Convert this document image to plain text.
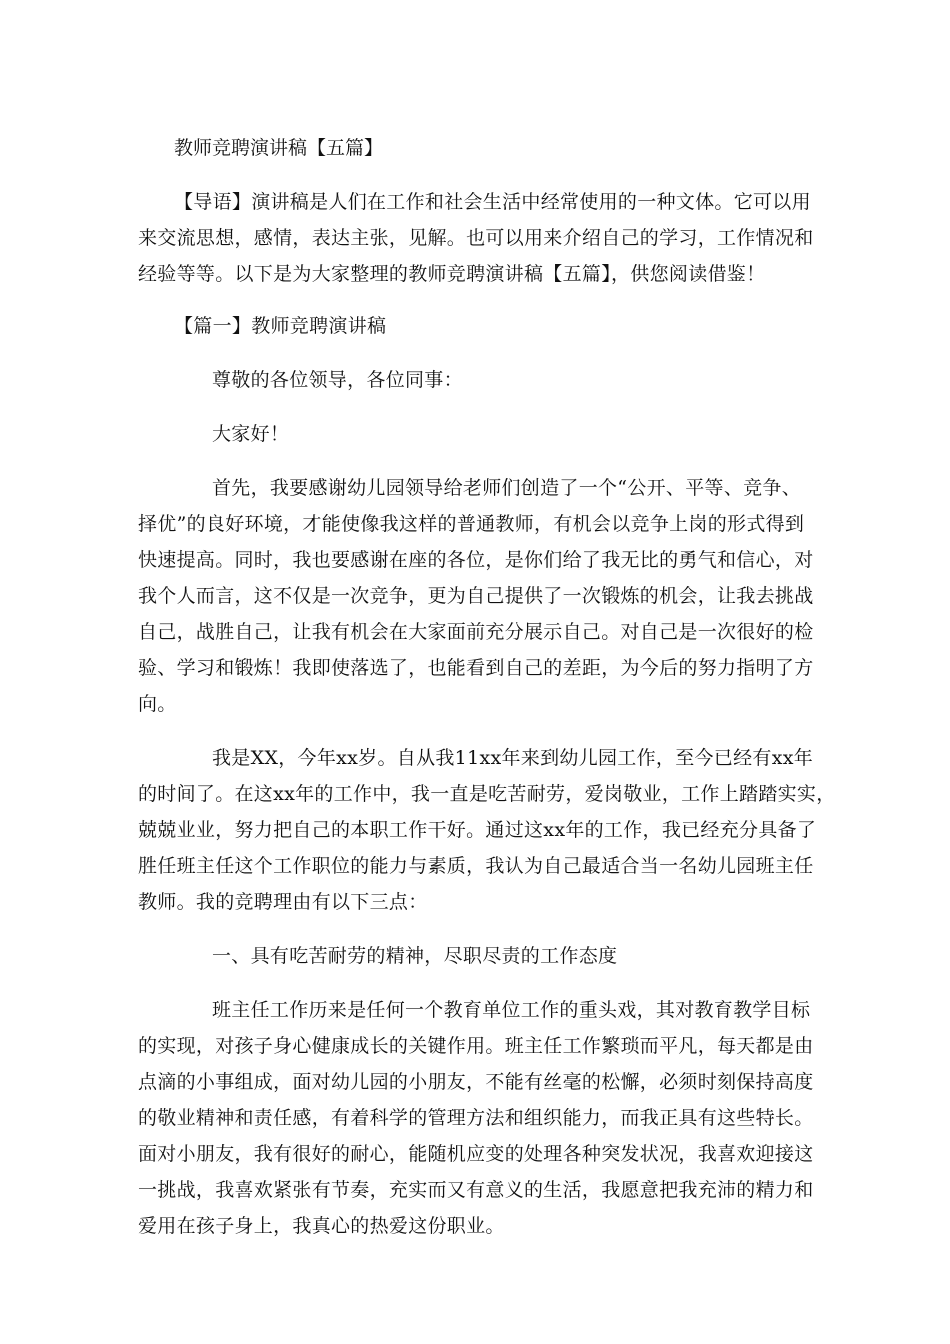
教师竞聘演讲稿【五篇】
【导语】演讲稿是人们在工作和社会生活中经常使用的一种文体。它可以用
来交流思想，感情，表达主张，见解。也可以用来介绍自己的学习，工作情况和
经验等等。以下是为大家整理的教师竞聘演讲稿【五篇】，供您阅读借鉴！
【篇一】教师竞聘演讲稿
尊敬的各位领导，各位同事：
大家好！
首先，我要感谢幼儿园领导给老师们创造了一个“公开、平等、竞争、
择优”的良好环境，才能使像我这样的普通教师，有机会以竞争上岗的形式得到
快速提高。同时，我也要感谢在座的各位，是你们给了我无比的勇气和信心，对
我个人而言，这不仅是一次竞争，更为自己提供了一次锻炼的机会，让我去挑战
自己，战胜自己，让我有机会在大家面前充分展示自己。对自己是一次很好的检
验、学习和锻炼！我即使落选了，也能看到自己的差距，为今后的努力指明了方
向。
我是XX，今年xx岁。自从我11xx年来到幼儿园工作，至今已经有xx年
的时间了。在这xx年的工作中，我一直是吃苦耐劳，爱岗敬业，工作上踏踏实实，
兢兢业业，努力把自己的本职工作干好。通过这xx年的工作，我已经充分具备了
胜任班主任这个工作职位的能力与素质，我认为自己最适合当一名幼儿园班主任
教师。我的竞聘理由有以下三点：
一、具有吃苦耐劳的精神，尽职尽责的工作态度
班主任工作历来是任何一个教育单位工作的重头戏，其对教育教学目标
的实现，对孩子身心健康成长的关键作用。班主任工作繁琐而平凡，每天都是由
点滴的小事组成，面对幼儿园的小朋友，不能有丝毫的松懈，必须时刻保持高度
的敬业精神和责任感，有着科学的管理方法和组织能力，而我正具有这些特长。
面对小朋友，我有很好的耐心，能随机应变的处理各种突发状况，我喜欢迎接这
一挑战，我喜欢紧张有节奏，充实而又有意义的生活，我愿意把我充沛的精力和
爱用在孩子身上，我真心的热爱这份职业。
